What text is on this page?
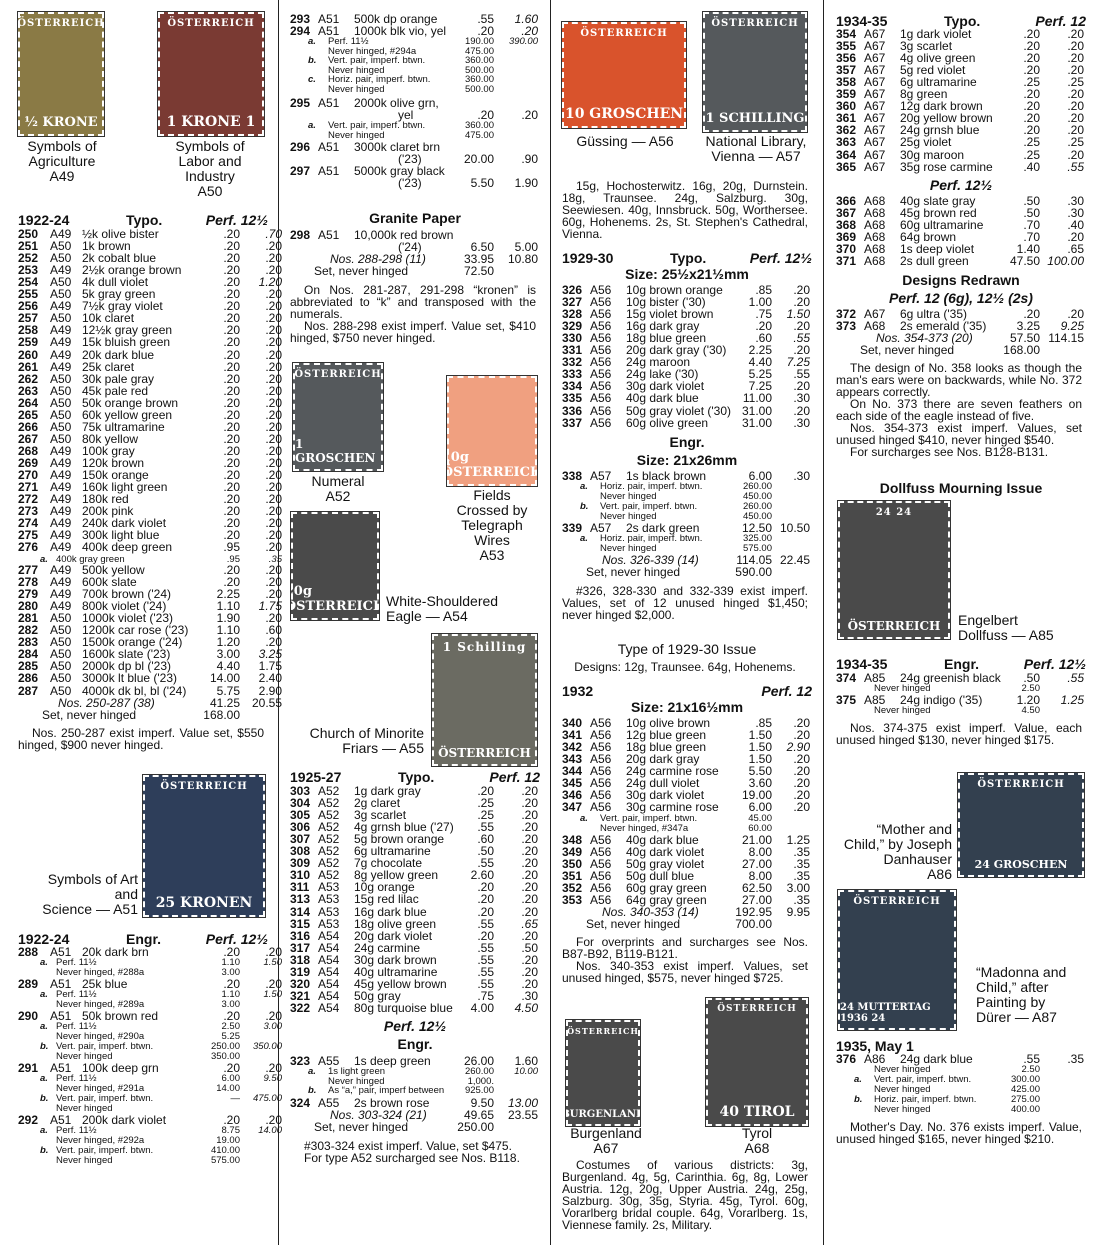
ÖSTERREICH
½ KRONE
ÖSTERREICH
1 KRONE 1
ÖSTERREICH
25 KRONEN
ÖSTERREICH
1 GROSCHEN	10g ÖSTERREICH
20g ÖSTERREICH
1 Schilling
ÖSTERREICH
ÖSTERREICH
10 GROSCHEN
ÖSTERREICH
1 SCHILLING
ÖSTERREICH
1 BURGENLAND
ÖSTERREICH
40 TIROL
24 24
ÖSTERREICH
ÖSTERREICH
24 GROSCHEN
ÖSTERREICH
24 MUTTERTAG 1936 24
Symbols of
Agriculture
A49
Symbols of
Labor and
Industry
A50
Symbols of Art
and
Science — A51
Numeral
A52	Fields
Crossed by
Telegraph
Wires
A53
White-Shouldered
Eagle — A54
Church of Minorite
Friars — A55
Güssing — A56	National Library,
Vienna — A57
Engelbert
Dollfuss — A85
“Mother and
Child,” by Joseph
Danhauser
A86
“Madonna and
Child,” after
Painting by
Dürer — A87
Burgenland
A67
Tyrol
A68
1922-24	Typo.	Perf. 12½
250 A49 ½k olive bister	.20 .70
251 A50 1k brown	.20 .20
252 A50 2k cobalt blue	.20 .20
253 A49 2½k orange brown	.20 .20
254 A50 4k dull violet	.20 1.20
255 A50 5k gray green	.20 .20
256 A49 7½k gray violet	.20 .20
257 A50 10k claret	.20 .20
258 A49 12½k gray green	.20 .20
259 A49 15k bluish green	.20 .20
260 A49 20k dark blue	.20 .20
261 A49 25k claret	.20 .20
262 A50 30k pale gray	.20 .20
263 A50 45k pale red	.20 .20
264 A50 50k orange brown	.20 .20
265 A50 60k yellow green	.20 .20
266 A50 75k ultramarine	.20 .20
267 A50 80k yellow	.20 .20
268 A49 100k gray	.20 .20
269 A49 120k brown	.20 .20
270 A49 150k orange	.20 .20
271 A49 160k light green	.20 .20
272 A49 180k red	.20 .20
273 A49 200k pink	.20 .20
274 A49 240k dark violet	.20 .20
275 A49 300k light blue	.20 .20
276 A49 400k deep green	.95 .20
a. 400k gray green	.95	.35
277 A49 500k yellow	.20 .20
278 A49 600k slate	.20 .20
279 A49 700k brown ('24)	2.25 .20
280 A49 800k violet ('24)	1.10 1.75
281 A50 1000k violet ('23)	1.90 .20
282 A50 1200k car rose ('23) 1.10 .60
283 A50 1500k orange ('24)	1.20 .20
284 A50 1600k slate ('23)	3.00 3.25
285 A50 2000k dp bl ('23)	4.40 1.75
286 A50 3000k lt blue ('23)	14.00 2.40
287 A50 4000k dk bl, bl ('24)	5.75 2.90
Nos. 250-287 (38)	41.25 20.55
Set, never hinged	168.00
Nos. 250-287 exist imperf. Value set, $550 hinged, $900 never hinged.
1922-24	Engr.	Perf. 12½
288 A51 20k dark brn	.20 .20
a. Perf. 11½	1.10 1.50
Never hinged, #288a	3.00
289 A51 25k blue	.20 .20
a. Perf. 11½	1.10 1.50
Never hinged, #289a	3.00
290 A51 50k brown red	.20 .20
a. Perf. 11½	2.50 3.00
Never hinged, #290a	5.25
b. Vert. pair, imperf. btwn.	250.00 350.00
Never hinged	350.00
291 A51 100k deep grn	.20 .20
a. Perf. 11½	6.00 9.50
Never hinged, #291a	14.00
b. Vert. pair, imperf. btwn.	— 475.00
Never hinged
292 A51 200k dark violet	.20 .20
a. Perf. 11½	8.75 14.00
Never hinged, #292a	19.00
b. Vert. pair, imperf. btwn.	410.00
Never hinged	575.00
293 A51 500k dp orange	.55 1.60
294 A51 1000k blk vio, yel	.20 .20
a. Perf. 11½	190.00 390.00
Never hinged, #294a	475.00
b. Vert. pair, imperf. btwn.	360.00
Never hinged	500.00
c. Horiz. pair, imperf. btwn.	360.00
Never hinged	500.00
295 A51 2000k olive grn,
yel	.20 .20
a. Vert. pair, imperf. btwn.	360.00
Never hinged	475.00
296 A51 3000k claret brn
('23)	20.00 .90
297 A51 5000k gray black
('23)	5.50 1.90
Granite Paper
298 A51 10,000k red brown
('24)	6.50 5.00
Nos. 288-298 (11)	33.95 10.80
Set, never hinged	72.50
On Nos. 281-287, 291-298 “kronen” is abbreviated to “k” and transposed with the numerals.
Nos. 288-298 exist imperf. Value set, $410 hinged, $750 never hinged.
1925-27	Typo.	Perf. 12
303 A52 1g dark gray	.20 .20
304 A52 2g claret	.25 .20
305 A52 3g scarlet	.25 .20
306 A52 4g grnsh blue ('27) .55 .20
307 A52 5g brown orange	.60 .20
308 A52 6g ultramarine	.50 .20
309 A52 7g chocolate	.55 .20
310 A52 8g yellow green	2.60 .20
311 A53 10g orange	.20 .20
313 A53 15g red lilac	.20 .20
314 A53 16g dark blue	.20 .20
315 A53 18g olive green	.55 .65
316 A54 20g dark violet	.20 .20
317 A54 24g carmine	.55 .50
318 A54 30g dark brown	.55 .20
319 A54 40g ultramarine	.55 .20
320 A54 45g yellow brown	.55 .20
321 A54 50g gray	.75 .30
322 A54 80g turquoise blue 4.00 4.50
Perf. 12½
Engr.
323 A55 1s deep green	26.00 1.60
a. 1s light green	260.00 10.00
Never hinged	1,000.
b. As “a,” pair, imperf between 925.00
324 A55 2s brown rose	9.50 13.00
Nos. 303-324 (21)	49.65 23.55
Set, never hinged	250.00
#303-324 exist imperf. Value, set $475.
For type A52 surcharged see Nos. B118.
15g, Hochosterwitz. 16g, 20g, Durnstein. 18g, Traunsee. 24g, Salzburg. 30g, Seewiesen. 40g, Innsbruck. 50g, Worthersee. 60g, Hohenems. 2s, St. Stephen's Cathedral, Vienna.
1929-30	Typo.	Perf. 12½
Size: 25½x21½mm
326 A56 10g brown orange	.85 .20
327 A56 10g bister ('30)	1.00 .20
328 A56 15g violet brown	.75 1.50
329 A56 16g dark gray	.20 .20
330 A56 18g blue green	.60 .55
331 A56 20g dark gray ('30) 2.25 .20
332 A56 24g maroon	4.40 7.25
333 A56 24g lake ('30)	5.25 .55
334 A56 30g dark violet	7.25 .20
335 A56 40g dark blue	11.00 .30
336 A56 50g gray violet ('30) 31.00 .20
337 A56 60g olive green	31.00 .30
Engr.
Size: 21x26mm
338 A57 1s black brown	6.00 .30
a. Horiz. pair, imperf. btwn.	260.00
Never hinged	450.00
b. Vert. pair, imperf. btwn.	260.00
Never hinged	450.00
339 A57 2s dark green	12.50 10.50
a. Horiz. pair, imperf. btwn.	325.00
Never hinged	575.00
Nos. 326-339 (14)	114.05 22.45
Set, never hinged	590.00
#326, 328-330 and 332-339 exist imperf. Values, set of 12 unused hinged $1,450; never hinged $2,000.
Type of 1929-30 Issue
Designs: 12g, Traunsee. 64g, Hohenems.
1932	Perf. 12
Size: 21x16½mm
340 A56 10g olive brown	.85 .20
341 A56 12g blue green	1.50 .20
342 A56 18g blue green	1.50 2.90
343 A56 20g dark gray	1.50 .20
344 A56 24g carmine rose 5.50 .20
345 A56 24g dull violet	3.60 .20
346 A56 30g dark violet	19.00 .20
347 A56 30g carmine rose 6.00 .20
a. Vert. pair, imperf. btwn.	45.00
Never hinged, #347a	60.00
348 A56 40g dark blue	21.00 1.25
349 A56 40g dark violet	8.00 .35
350 A56 50g gray violet	27.00 .35
351 A56 50g dull blue	8.00 .35
352 A56 60g gray green	62.50 3.00
353 A56 64g gray green	27.00 .35
Nos. 340-353 (14)	192.95 9.95
Set, never hinged	700.00
For overprints and surcharges see Nos. B87-B92, B119-B121.
Nos. 340-353 exist imperf. Values, set unused hinged, $575, never hinged $725.
Costumes of various districts: 3g, Burgenland. 4g, 5g, Carinthia. 6g, 8g, Lower Austria. 12g, 20g, Upper Austria. 24g, 25g, Salzburg. 30g, 35g, Styria. 45g, Tyrol. 60g, Vorarlberg bridal couple. 64g, Vorarlberg. 1s, Viennese family. 2s, Military.
1934-35	Typo.	Perf. 12
354 A67 1g dark violet	.20 .20
355 A67 3g scarlet	.20 .20
356 A67 4g olive green	.20 .20
357 A67 5g red violet	.20 .20
358 A67 6g ultramarine	.25 .25
359 A67 8g green	.20 .20
360 A67 12g dark brown	.20 .20
361 A67 20g yellow brown	.20 .20
362 A67 24g grnsh blue	.20 .20
363 A67 25g violet	.25 .25
364 A67 30g maroon	.25 .20
365 A67 35g rose carmine	.40 .55
Perf. 12½
366 A68 40g slate gray	.50 .30
367 A68 45g brown red	.50 .30
368 A68 60g ultramarine	.70 .40
369 A68 64g brown	.70 .20
370 A68 1s deep violet	1.40 .65
371 A68 2s dull green	47.50 100.00
Designs Redrawn
Perf. 12 (6g), 12½ (2s)
372 A67 6g ultra ('35)	.20 .20
373 A68 2s emerald ('35)	3.25 9.25
Nos. 354-373 (20)	57.50 114.15
Set, never hinged	168.00
The design of No. 358 looks as though the man's ears were on backwards, while No. 372 appears correctly.
On No. 373 there are seven feathers on each side of the eagle instead of five.
Nos. 354-373 exist imperf. Values, set unused hinged $410, never hinged $540.
For surcharges see Nos. B128-B131.
Dollfuss Mourning Issue
1934-35	Engr.	Perf. 12½
374 A85 24g greenish black .50 .55
Never hinged	2.50
375 A85 24g indigo ('35)	1.20 1.25
Never hinged	4.50
Nos. 374-375 exist imperf. Value, each unused hinged $130, never hinged $175.
1935, May 1
376 A86 24g dark blue	.55 .35
Never hinged	2.50
a. Vert. pair, imperf. btwn.	300.00
Never hinged	425.00
b. Horiz. pair, imperf. btwn.	275.00
Never hinged	400.00
Mother's Day. No. 376 exists imperf. Value, unused hinged $165, never hinged $210.
